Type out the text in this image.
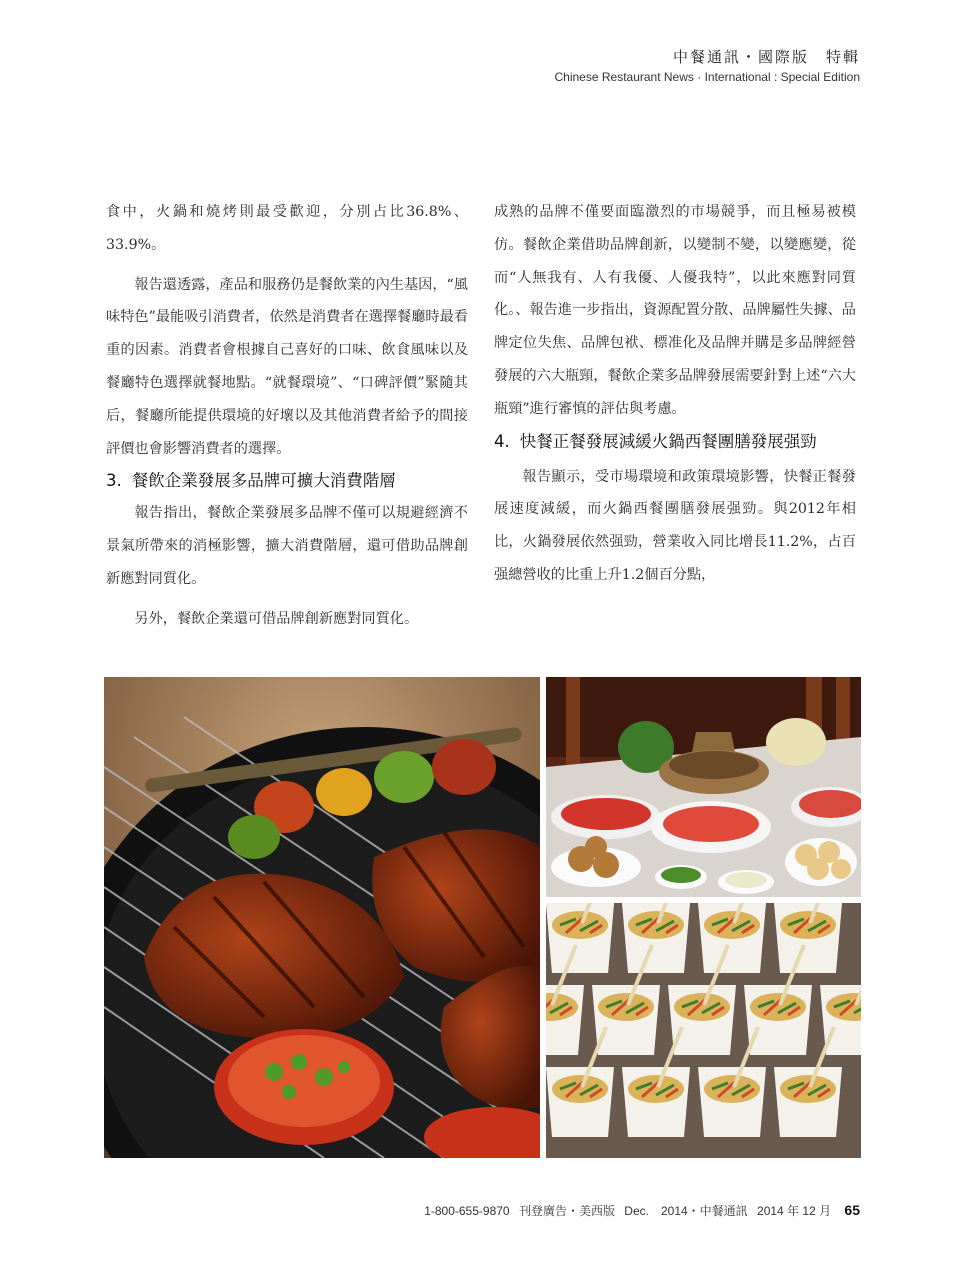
中餐通訊・國際版　特輯
Chinese Restaurant News · International : Special Edition

食中，火鍋和燒烤則最受歡迎，分別占比36.8%、33.9%。

報告還透露，產品和服務仍是餐飲業的內生基因，“風味特色”最能吸引消費者，依然是消費者在選擇餐廳時最看重的因素。消費者會根據自己喜好的口味、飲食風味以及餐廳特色選擇就餐地點。“就餐環境”、“口碑評價”緊隨其后，餐廳所能提供環境的好壞以及其他消費者給予的間接評價也會影響消費者的選擇。

3. 餐飲企業發展多品牌可擴大消費階層

報告指出，餐飲企業發展多品牌不僅可以規避經濟不景氣所帶來的消極影響，擴大消費階層，還可借助品牌創新應對同質化。

另外，餐飲企業還可借品牌創新應對同質化。

成熟的品牌不僅要面臨激烈的市場競爭，而且極易被模仿。餐飲企業借助品牌創新，以變制不變，以變應變，從而“人無我有、人有我優、人優我特”，以此來應對同質化。、報告進一步指出，資源配置分散、品牌屬性失據、品牌定位失焦、品牌包袱、標准化及品牌并購是多品牌經營發展的六大瓶頸，餐飲企業多品牌發展需要針對上述“六大瓶頸”進行審慎的評估與考慮。

4. 快餐正餐發展減緩火鍋西餐團膳發展强勁

報告顯示，受市場環境和政策環境影響，快餐正餐發展速度減緩，而火鍋西餐團膳發展强勁。與2012年相比，火鍋發展依然强勁，營業收入同比增長11.2%，占百强總營收的比重上升1.2個百分點，

1-800-655-9870 刊登廣告・美西版 Dec.　2014・中餐通訊 2014 年 12 月 65
